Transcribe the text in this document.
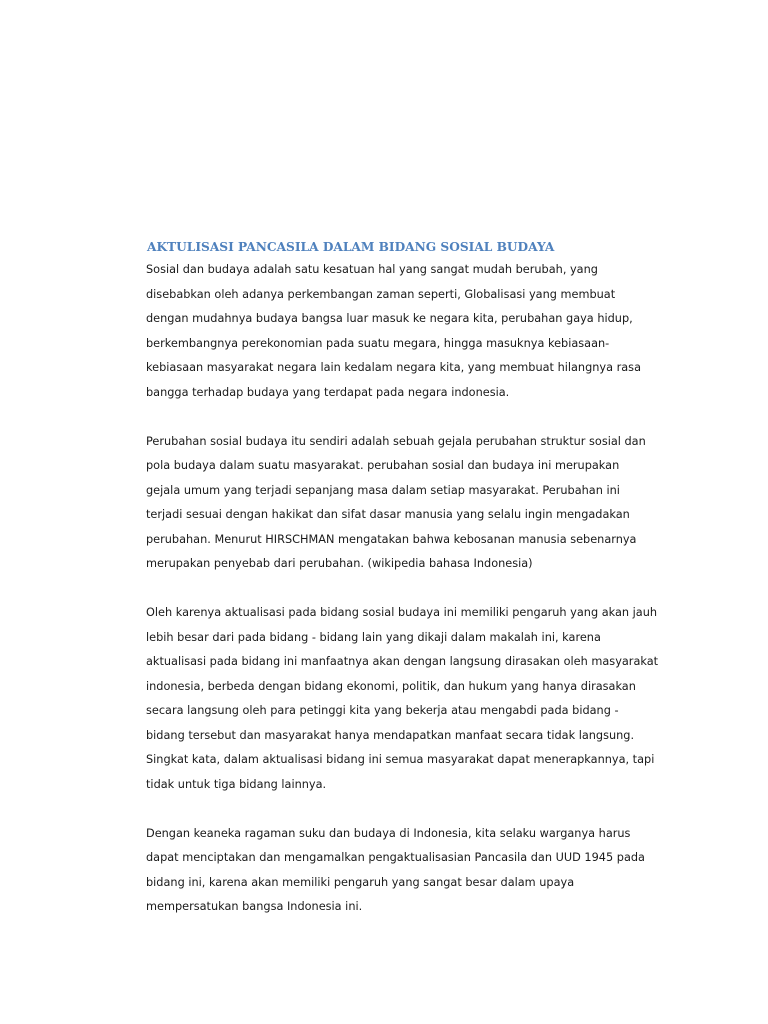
AKTULISASI PANCASILA DALAM BIDANG SOSIAL BUDAYA

Sosial dan budaya adalah satu kesatuan hal yang sangat mudah berubah, yang
disebabkan oleh adanya perkembangan zaman seperti, Globalisasi yang membuat
dengan mudahnya budaya bangsa luar masuk ke negara kita, perubahan gaya hidup,
berkembangnya perekonomian pada suatu megara, hingga masuknya kebiasaan-
kebiasaan masyarakat negara lain kedalam negara kita, yang membuat hilangnya rasa
bangga terhadap budaya yang terdapat pada negara indonesia.

Perubahan sosial budaya itu sendiri adalah sebuah gejala perubahan struktur sosial dan
pola budaya dalam suatu masyarakat. perubahan sosial dan budaya ini merupakan
gejala umum yang terjadi sepanjang masa dalam setiap masyarakat. Perubahan ini
terjadi sesuai dengan hakikat dan sifat dasar manusia yang selalu ingin mengadakan
perubahan. Menurut HIRSCHMAN mengatakan bahwa kebosanan manusia sebenarnya
merupakan penyebab dari perubahan. (wikipedia bahasa Indonesia)

Oleh karenya aktualisasi pada bidang sosial budaya ini memiliki pengaruh yang akan jauh
lebih besar dari pada bidang - bidang lain yang dikaji dalam makalah ini, karena
aktualisasi pada bidang ini manfaatnya akan dengan langsung dirasakan oleh masyarakat
indonesia, berbeda dengan bidang ekonomi, politik, dan hukum yang hanya dirasakan
secara langsung oleh para petinggi kita yang bekerja atau mengabdi pada bidang -
bidang tersebut dan masyarakat hanya mendapatkan manfaat secara tidak langsung.
Singkat kata, dalam aktualisasi bidang ini semua masyarakat dapat menerapkannya, tapi
tidak untuk tiga bidang lainnya.

Dengan keaneka ragaman suku dan budaya di Indonesia, kita selaku warganya harus
dapat menciptakan dan mengamalkan pengaktualisasian Pancasila dan UUD 1945 pada
bidang ini, karena akan memiliki pengaruh yang sangat besar dalam upaya
mempersatukan bangsa Indonesia ini.
